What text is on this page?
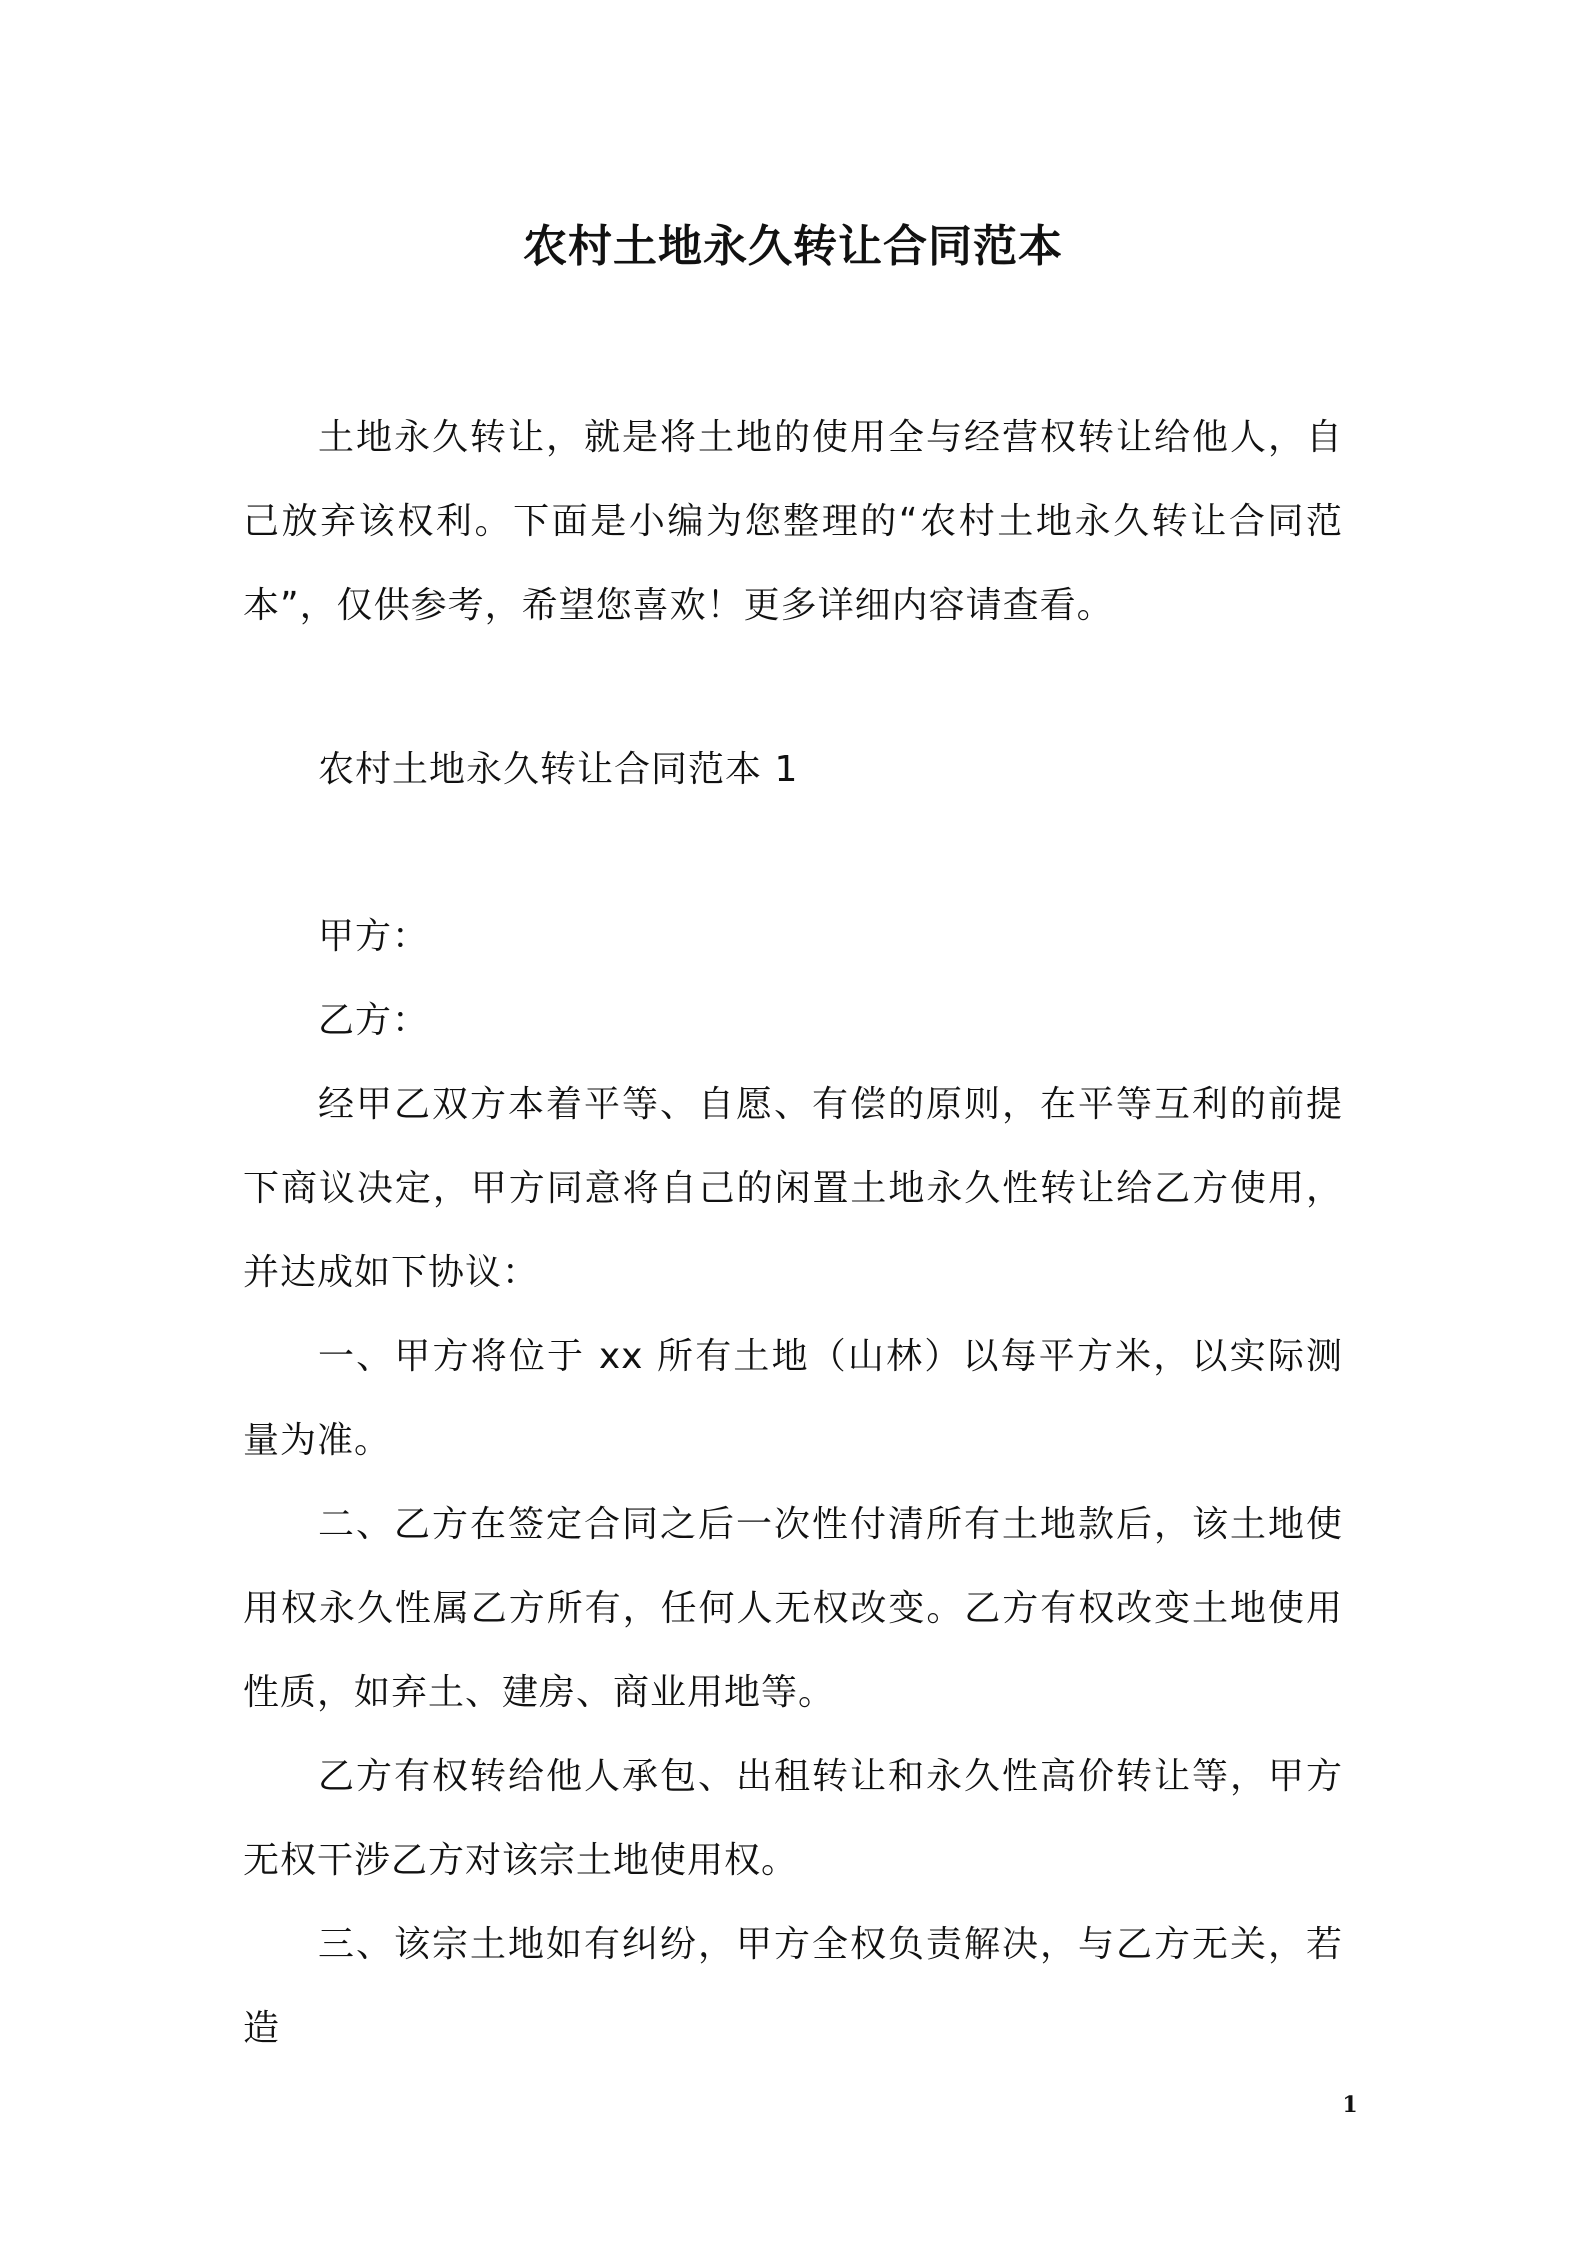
农村土地永久转让合同范本

土地永久转让，就是将土地的使用全与经营权转让给他人，自己放弃该权利。下面是小编为您整理的“农村土地永久转让合同范本”，仅供参考，希望您喜欢！更多详细内容请查看。

农村土地永久转让合同范本 1

甲方：

乙方：

经甲乙双方本着平等、自愿、有偿的原则，在平等互利的前提下商议决定，甲方同意将自己的闲置土地永久性转让给乙方使用，并达成如下协议：

一、甲方将位于 xx 所有土地（山林）以每平方米，以实际测量为准。

二、乙方在签定合同之后一次性付清所有土地款后，该土地使用权永久性属乙方所有，任何人无权改变。乙方有权改变土地使用性质，如弃土、建房、商业用地等。

乙方有权转给他人承包、出租转让和永久性高价转让等，甲方无权干涉乙方对该宗土地使用权。

三、该宗土地如有纠纷，甲方全权负责解决，与乙方无关，若造

1
